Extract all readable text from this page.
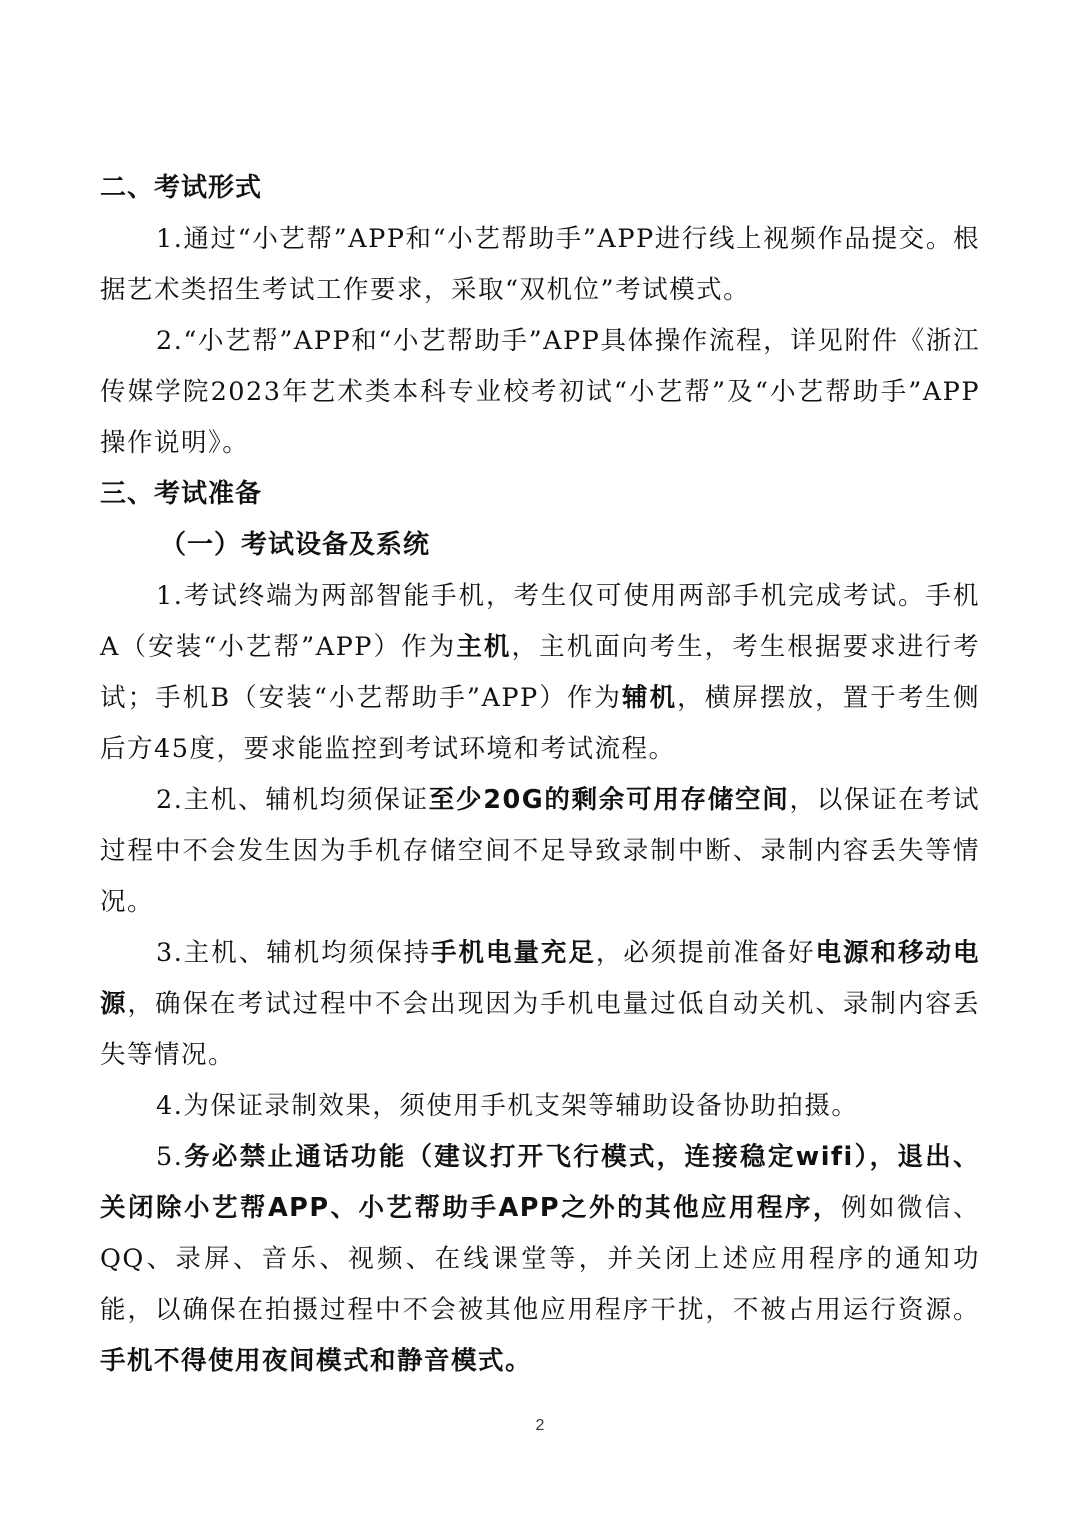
二、考试形式

1.通过“小艺帮”APP和“小艺帮助手”APP进行线上视频作品提交。根据艺术类招生考试工作要求，采取“双机位”考试模式。

2.“小艺帮”APP和“小艺帮助手”APP具体操作流程，详见附件《浙江传媒学院2023年艺术类本科专业校考初试“小艺帮”及“小艺帮助手”APP操作说明》。

三、考试准备
（一）考试设备及系统

1.考试终端为两部智能手机，考生仅可使用两部手机完成考试。手机A（安装“小艺帮”APP）作为主机，主机面向考生，考生根据要求进行考试；手机B（安装“小艺帮助手”APP）作为辅机，横屏摆放，置于考生侧后方45度，要求能监控到考试环境和考试流程。

2.主机、辅机均须保证至少20G的剩余可用存储空间，以保证在考试过程中不会发生因为手机存储空间不足导致录制中断、录制内容丢失等情况。

3.主机、辅机均须保持手机电量充足，必须提前准备好电源和移动电源，确保在考试过程中不会出现因为手机电量过低自动关机、录制内容丢失等情况。

4.为保证录制效果，须使用手机支架等辅助设备协助拍摄。

5.务必禁止通话功能（建议打开飞行模式，连接稳定wifi），退出、关闭除小艺帮APP、小艺帮助手APP之外的其他应用程序，例如微信、QQ、录屏、音乐、视频、在线课堂等，并关闭上述应用程序的通知功能，以确保在拍摄过程中不会被其他应用程序干扰，不被占用运行资源。手机不得使用夜间模式和静音模式。

2
